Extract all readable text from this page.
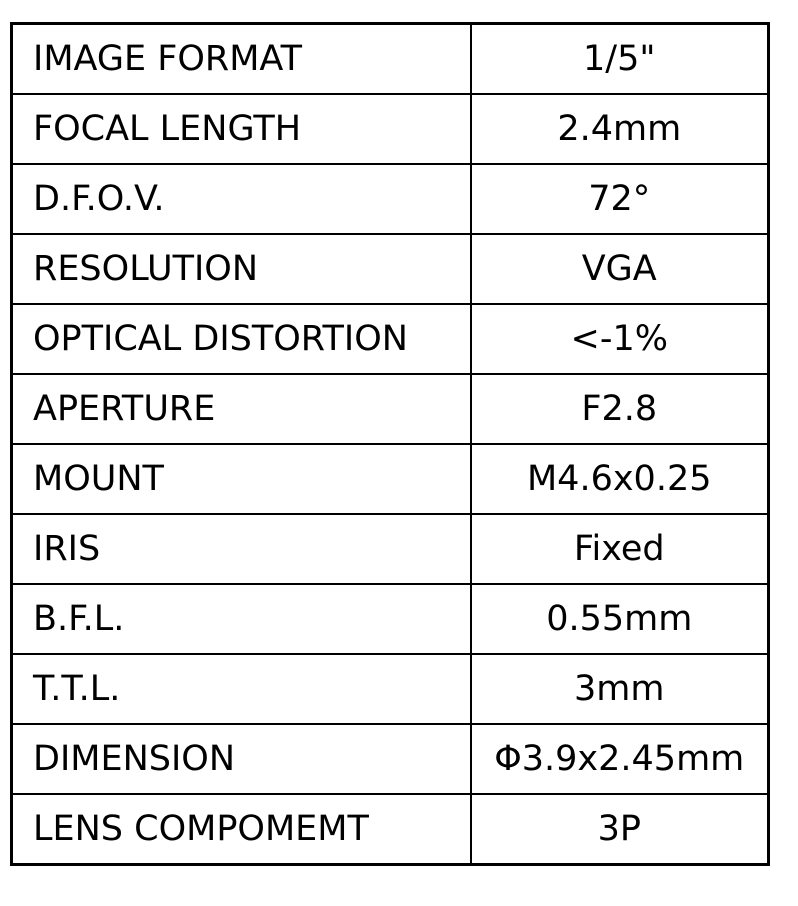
IMAGE FORMAT	1/5"
FOCAL LENGTH	2.4mm
D.F.O.V.	72°
RESOLUTION	VGA
OPTICAL DISTORTION	<-1%
APERTURE	F2.8
MOUNT	M4.6x0.25
IRIS	Fixed
B.F.L.	0.55mm
T.T.L.	3mm
DIMENSION	Φ3.9x2.45mm
LENS COMPOMEMT	3P
